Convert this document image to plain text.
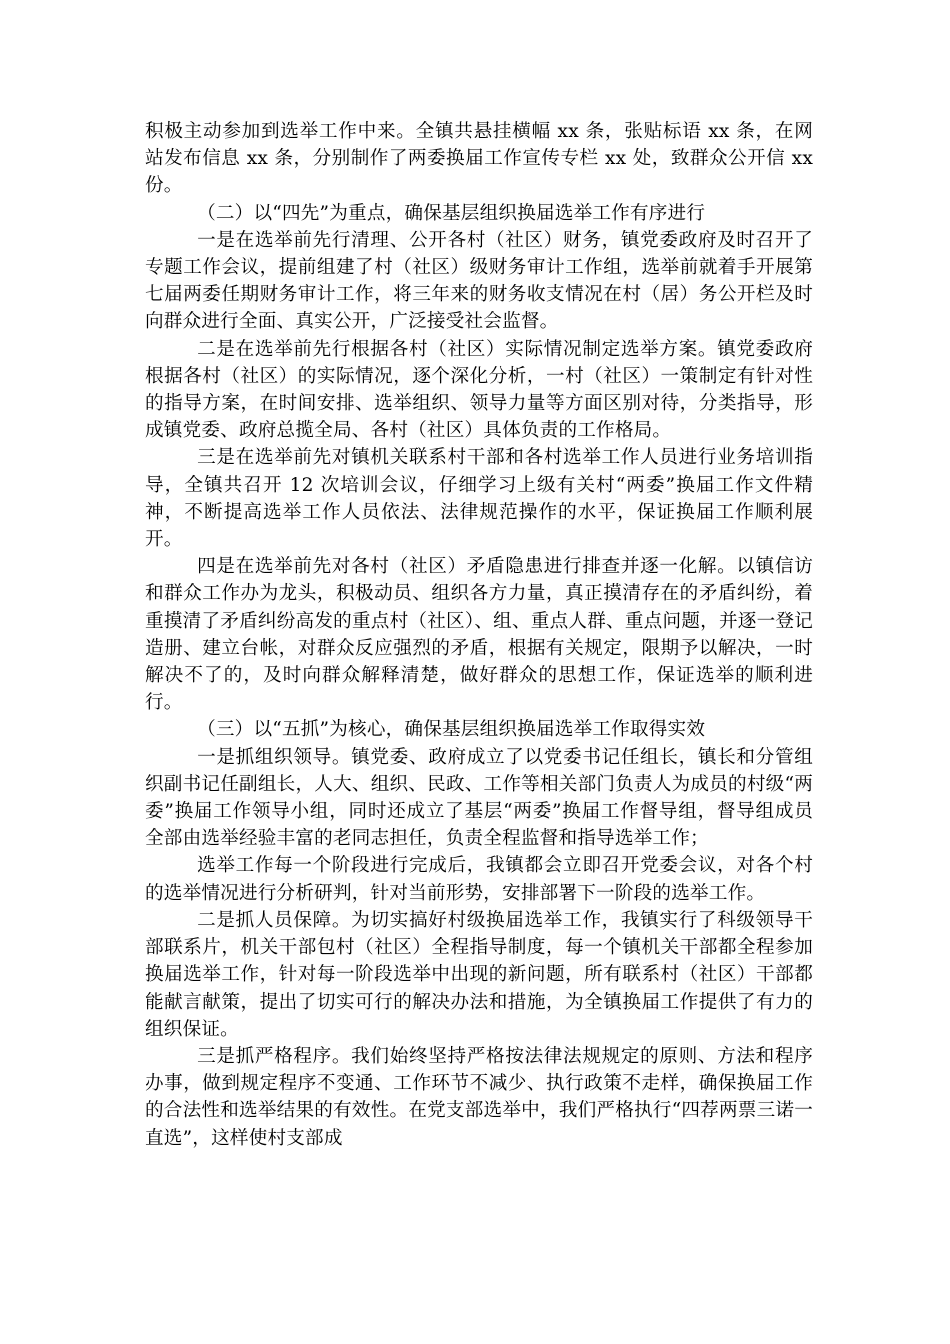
积极主动参加到选举工作中来。全镇共悬挂横幅 xx 条，张贴标语 xx 条，在网站发布信息 xx 条，分别制作了两委换届工作宣传专栏 xx 处，致群众公开信 xx 份。

（二）以“四先”为重点，确保基层组织换届选举工作有序进行

一是在选举前先行清理、公开各村（社区）财务，镇党委政府及时召开了专题工作会议，提前组建了村（社区）级财务审计工作组，选举前就着手开展第七届两委任期财务审计工作，将三年来的财务收支情况在村（居）务公开栏及时向群众进行全面、真实公开，广泛接受社会监督。

二是在选举前先行根据各村（社区）实际情况制定选举方案。镇党委政府根据各村（社区）的实际情况，逐个深化分析，一村（社区）一策制定有针对性的指导方案，在时间安排、选举组织、领导力量等方面区别对待，分类指导，形成镇党委、政府总揽全局、各村（社区）具体负责的工作格局。

三是在选举前先对镇机关联系村干部和各村选举工作人员进行业务培训指导，全镇共召开 12 次培训会议，仔细学习上级有关村“两委”换届工作文件精神，不断提高选举工作人员依法、法律规范操作的水平，保证换届工作顺利展开。

四是在选举前先对各村（社区）矛盾隐患进行排查并逐一化解。以镇信访和群众工作办为龙头，积极动员、组织各方力量，真正摸清存在的矛盾纠纷，着重摸清了矛盾纠纷高发的重点村（社区）、组、重点人群、重点问题，并逐一登记造册、建立台帐，对群众反应强烈的矛盾，根据有关规定，限期予以解决，一时解决不了的，及时向群众解释清楚，做好群众的思想工作，保证选举的顺利进行。

（三）以“五抓”为核心，确保基层组织换届选举工作取得实效

一是抓组织领导。镇党委、政府成立了以党委书记任组长，镇长和分管组织副书记任副组长，人大、组织、民政、工作等相关部门负责人为成员的村级“两委”换届工作领导小组，同时还成立了基层“两委”换届工作督导组，督导组成员全部由选举经验丰富的老同志担任，负责全程监督和指导选举工作；

选举工作每一个阶段进行完成后，我镇都会立即召开党委会议，对各个村的选举情况进行分析研判，针对当前形势，安排部署下一阶段的选举工作。

二是抓人员保障。为切实搞好村级换届选举工作，我镇实行了科级领导干部联系片，机关干部包村（社区）全程指导制度，每一个镇机关干部都全程参加换届选举工作，针对每一阶段选举中出现的新问题，所有联系村（社区）干部都能献言献策，提出了切实可行的解决办法和措施，为全镇换届工作提供了有力的组织保证。

三是抓严格程序。我们始终坚持严格按法律法规规定的原则、方法和程序办事，做到规定程序不变通、工作环节不减少、执行政策不走样，确保换届工作的合法性和选举结果的有效性。在党支部选举中，我们严格执行“四荐两票三诺一直选”，这样使村支部成
